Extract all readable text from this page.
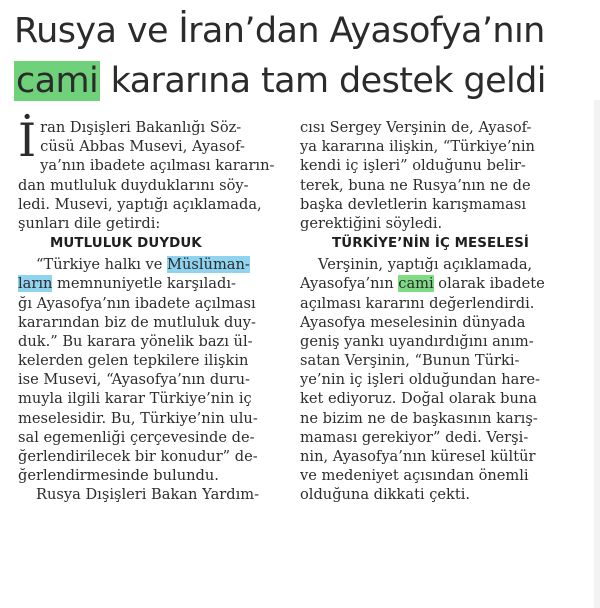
Rusya ve İran’dan Ayasofya’nın
cami kararına tam destek geldi
İ ran Dışişleri Bakanlığı Söz-
cüsü Abbas Musevi, Ayasof-
ya’nın ibadete açılması kararın-
dan mutluluk duyduklarını söy-
ledi. Musevi, yaptığı açıklamada,
şunları dile getirdi:
MUTLULUK DUYDUK
“Türkiye halkı ve Müslüman-
ların memnuniyetle karşıladı-
ğı Ayasofya’nın ibadete açılması
kararından biz de mutluluk duy-
duk.” Bu karara yönelik bazı ül-
kelerden gelen tepkilere ilişkin
ise Musevi, “Ayasofya’nın duru-
muyla ilgili karar Türkiye’nin iç
meselesidir. Bu, Türkiye’nin ulu-
sal egemenliği çerçevesinde de-
ğerlendirilecek bir konudur” de-
ğerlendirmesinde bulundu.
Rusya Dışişleri Bakan Yardım-
cısı Sergey Verşinin de, Ayasof-
ya kararına ilişkin, “Türkiye’nin
kendi iç işleri” olduğunu belir-
terek, buna ne Rusya’nın ne de
başka devletlerin karışmaması
gerektiğini söyledi.
TÜRKİYE’NİN İÇ MESELESİ
Verşinin, yaptığı açıklamada,
Ayasofya’nın cami olarak ibadete
açılması kararını değerlendirdi.
Ayasofya meselesinin dünyada
geniş yankı uyandırdığını anım-
satan Verşinin, “Bunun Türki-
ye’nin iç işleri olduğundan hare-
ket ediyoruz. Doğal olarak buna
ne bizim ne de başkasının karış-
maması gerekiyor” dedi. Verşi-
nin, Ayasofya’nın küresel kültür
ve medeniyet açısından önemli
olduğuna dikkati çekti.
